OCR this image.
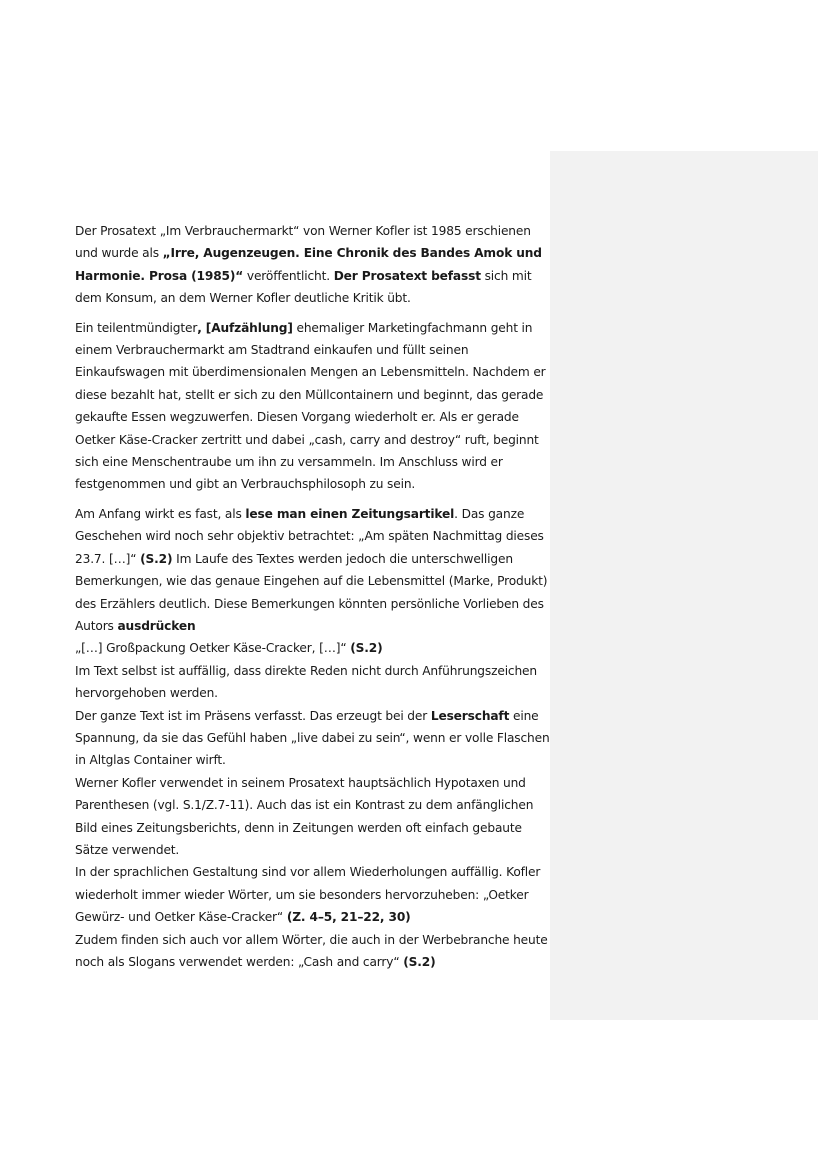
Der Prosatext „Im Verbrauchermarkt“ von Werner Kofler ist 1985 erschienen und wurde als „Irre, Augenzeugen. Eine Chronik des Bandes Amok und Harmonie. Prosa (1985)“ veröffentlicht. Der Prosatext befasst sich mit dem Konsum, an dem Werner Kofler deutliche Kritik übt.

Ein teilentmündigter, [Aufzählung] ehemaliger Marketingfachmann geht in einem Verbrauchermarkt am Stadtrand einkaufen und füllt seinen Einkaufswagen mit überdimensionalen Mengen an Lebensmitteln. Nachdem er diese bezahlt hat, stellt er sich zu den Müllcontainern und beginnt, das gerade gekaufte Essen wegzuwerfen. Diesen Vorgang wiederholt er. Als er gerade Oetker Käse-Cracker zertritt und dabei „cash, carry and destroy“ ruft, beginnt sich eine Menschentraube um ihn zu versammeln. Im Anschluss wird er festgenommen und gibt an Verbrauchsphilosoph zu sein.

Am Anfang wirkt es fast, als lese man einen Zeitungsartikel. Das ganze Geschehen wird noch sehr objektiv betrachtet: „Am späten Nachmittag dieses 23.7. […]“ (S.2) Im Laufe des Textes werden jedoch die unterschwelligen Bemerkungen, wie das genaue Eingehen auf die Lebensmittel (Marke, Produkt) des Erzählers deutlich. Diese Bemerkungen könnten persönliche Vorlieben des Autors ausdrücken

„[…] Großpackung Oetker Käse-Cracker, […]“ (S.2)

Im Text selbst ist auffällig, dass direkte Reden nicht durch Anführungszeichen hervorgehoben werden.

Der ganze Text ist im Präsens verfasst. Das erzeugt bei der Leserschaft eine Spannung, da sie das Gefühl haben „live dabei zu sein“, wenn er volle Flaschen in Altglas Container wirft.

Werner Kofler verwendet in seinem Prosatext hauptsächlich Hypotaxen und Parenthesen (vgl. S.1/Z.7-11). Auch das ist ein Kontrast zu dem anfänglichen Bild eines Zeitungsberichts, denn in Zeitungen werden oft einfach gebaute Sätze verwendet.

In der sprachlichen Gestaltung sind vor allem Wiederholungen auffällig. Kofler wiederholt immer wieder Wörter, um sie besonders hervorzuheben: „Oetker Gewürz- und Oetker Käse-Cracker“ (Z. 4–5, 21–22, 30)

Zudem finden sich auch vor allem Wörter, die auch in der Werbebranche heute noch als Slogans verwendet werden: „Cash and carry“ (S.2)
